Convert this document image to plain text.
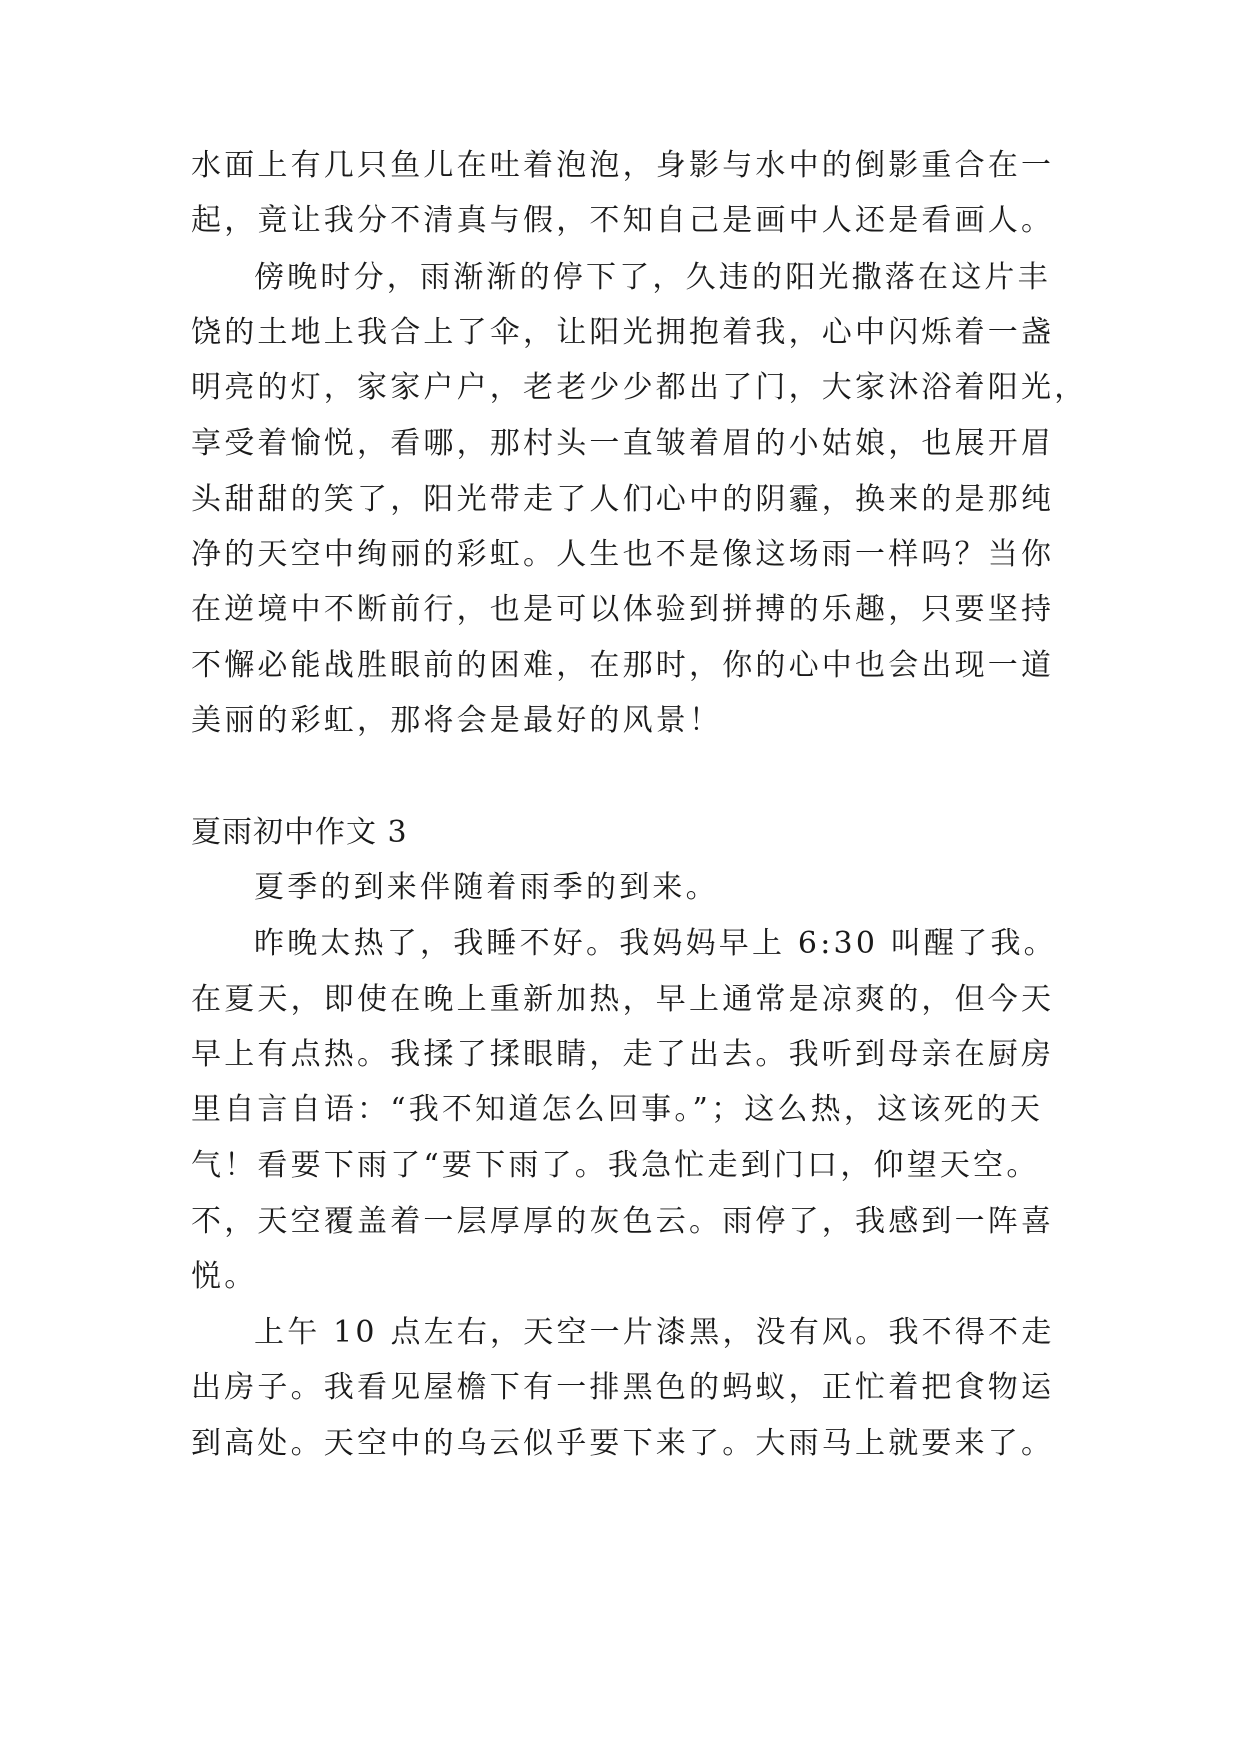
水面上有几只鱼儿在吐着泡泡，身影与水中的倒影重合在一
起，竟让我分不清真与假，不知自己是画中人还是看画人。
傍晚时分，雨渐渐的停下了，久违的阳光撒落在这片丰
饶的土地上我合上了伞，让阳光拥抱着我，心中闪烁着一盏
明亮的灯，家家户户，老老少少都出了门，大家沐浴着阳光，
享受着愉悦，看哪，那村头一直皱着眉的小姑娘，也展开眉
头甜甜的笑了，阳光带走了人们心中的阴霾，换来的是那纯
净的天空中绚丽的彩虹。人生也不是像这场雨一样吗？当你
在逆境中不断前行，也是可以体验到拼搏的乐趣，只要坚持
不懈必能战胜眼前的困难，在那时，你的心中也会出现一道
美丽的彩虹，那将会是最好的风景！
夏雨初中作文 3
夏季的到来伴随着雨季的到来。
昨晚太热了，我睡不好。我妈妈早上 6:30 叫醒了我。
在夏天，即使在晚上重新加热，早上通常是凉爽的，但今天
早上有点热。我揉了揉眼睛，走了出去。我听到母亲在厨房
里自言自语：“我不知道怎么回事。”；这么热，这该死的天
气！看要下雨了“要下雨了。我急忙走到门口，仰望天空。
不，天空覆盖着一层厚厚的灰色云。雨停了，我感到一阵喜
悦。
上午 10 点左右，天空一片漆黑，没有风。我不得不走
出房子。我看见屋檐下有一排黑色的蚂蚁，正忙着把食物运
到高处。天空中的乌云似乎要下来了。大雨马上就要来了。
